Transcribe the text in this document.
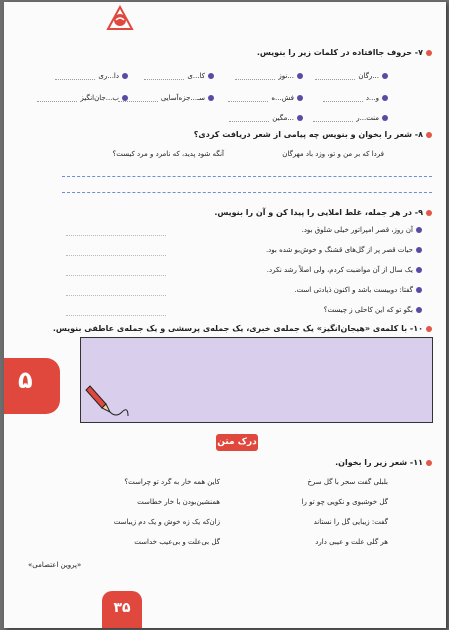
۷- حروف جاافتاده در کلمات زیر را بنویس.
...رگان
...نوز
کا...ی
دا...ری
و...د
فش...ه
سـ...جزه‌آسایی
ب...جان‌انگیز
منت...ر
...مگین
۸- شعر را بخوان و بنویس چه پیامی از شعر دریافت کردی؟
فردا که بر من و تو، وزد باد مهرگان
آنگه شود پدید، که نامرد و مرد کیست؟
۹- در هر جمله، غلط املایی را پیدا کن و آن را بنویس.
آن روز، قصر امپراتور خیلی شلوق بود.
حیات قصر پر از گل‌های قشنگ و خوش‌بو شده بود.
یک سال از آن مواضبت کردم، ولی اصلاً رشد نکرد.
گفتا: دوبیست باشد و اکنون ذیادتی است.
بگو تو که این کاحلی ز چیست؟
۱۰- با کلمه‌ی «هیجان‌انگیز» یک جمله‌ی خبری، یک جمله‌ی پرسشی و یک جمله‌ی عاطفی بنویس.
۵
درک متن
۱۱- شعر زیر را بخوان.
بلبلی گفت سحر با گل سرخ
کاین همه خار به گرد تو چراست؟
گل خوشبوی و نکویی چو تو را
همنشین‌بودن با خار خطاست
گفت: زیبایی گل را نستاند
زان‌که یک زه خوش و یک دم زیباست
هر گلی علت و عیبی دارد
گل بی‌علت و بی‌عیب خداست
«پروین اعتصامی»
۳۵
